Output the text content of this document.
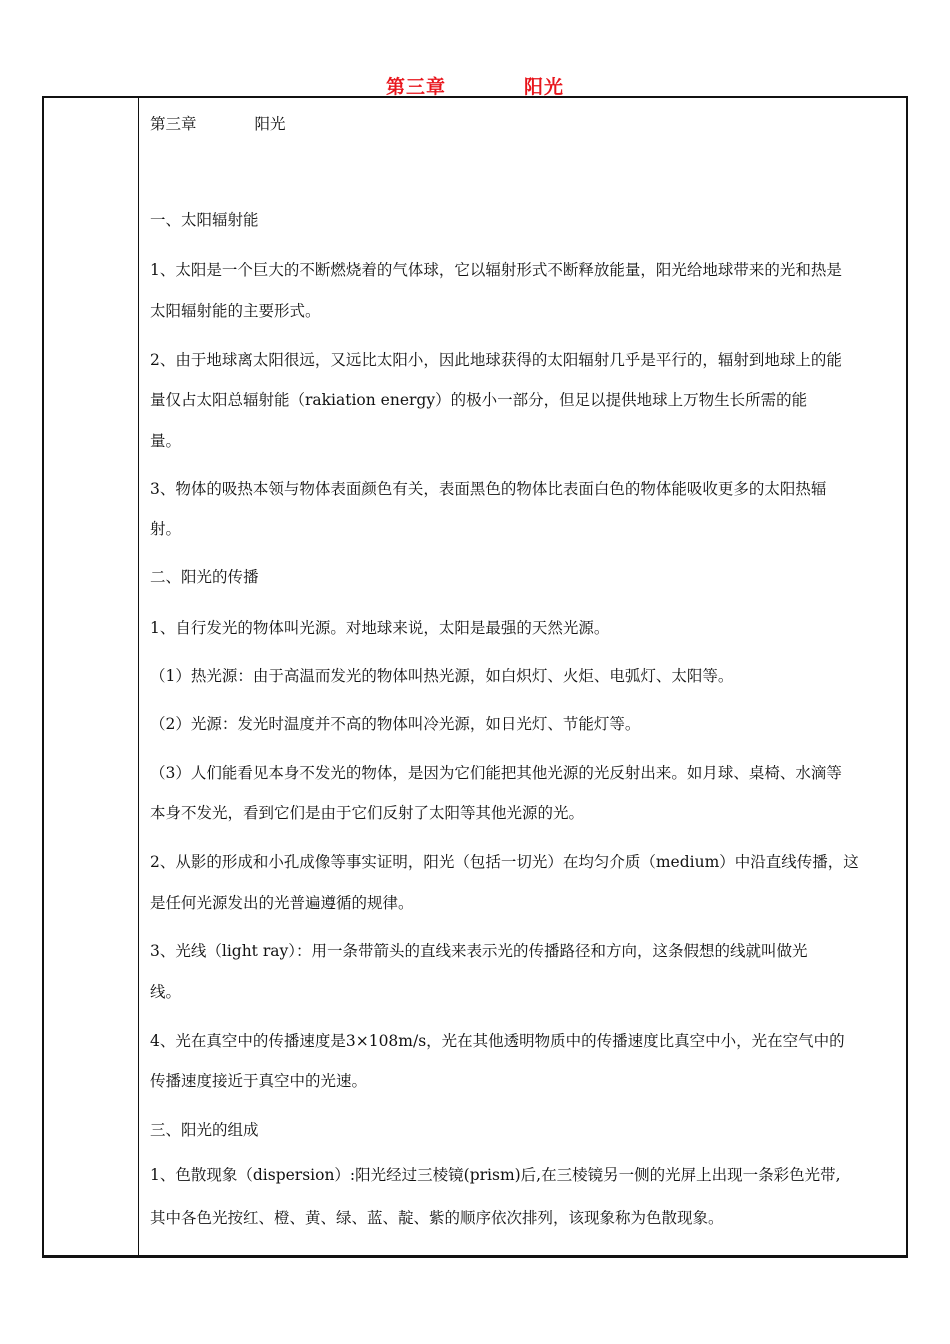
第三章	阳光
第三章	阳光
一、太阳辐射能
1、太阳是一个巨大的不断燃烧着的气体球，它以辐射形式不断释放能量，阳光给地球带来的光和热是
太阳辐射能的主要形式。
2、由于地球离太阳很远，又远比太阳小，因此地球获得的太阳辐射几乎是平行的，辐射到地球上的能
量仅占太阳总辐射能（rakiation energy）的极小一部分，但足以提供地球上万物生长所需的能
量。
3、物体的吸热本领与物体表面颜色有关，表面黑色的物体比表面白色的物体能吸收更多的太阳热辐
射。
二、阳光的传播
1、自行发光的物体叫光源。对地球来说，太阳是最强的天然光源。
（1）热光源：由于高温而发光的物体叫热光源，如白炽灯、火炬、电弧灯、太阳等。
（2）光源：发光时温度并不高的物体叫冷光源，如日光灯、节能灯等。
（3）人们能看见本身不发光的物体，是因为它们能把其他光源的光反射出来。如月球、桌椅、水滴等
本身不发光，看到它们是由于它们反射了太阳等其他光源的光。
2、从影的形成和小孔成像等事实证明，阳光（包括一切光）在均匀介质（medium）中沿直线传播，这
是任何光源发出的光普遍遵循的规律。
3、光线（light ray）：用一条带箭头的直线来表示光的传播路径和方向，这条假想的线就叫做光
线。
4、光在真空中的传播速度是3×108m/s，光在其他透明物质中的传播速度比真空中小，光在空气中的
传播速度接近于真空中的光速。
三、阳光的组成
1、色散现象（dispersion）:阳光经过三棱镜(prism)后,在三棱镜另一侧的光屏上出现一条彩色光带,
其中各色光按红、橙、黄、绿、蓝、靛、紫的顺序依次排列，该现象称为色散现象。
